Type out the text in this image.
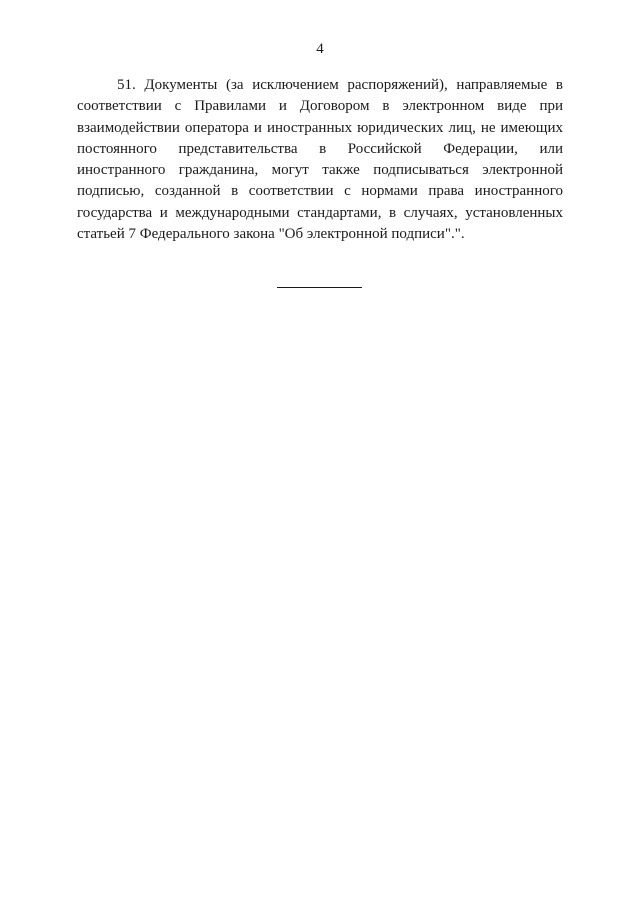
4

51. Документы (за исключением распоряжений), направляемые в соответствии с Правилами и Договором в электронном виде при взаимодействии оператора и иностранных юридических лиц, не имеющих постоянного представительства в Российской Федерации, или иностранного гражданина, могут также подписываться электронной подписью, созданной в соответствии с нормами права иностранного государства и международными стандартами, в случаях, установленных статьей 7 Федерального закона "Об электронной подписи".".
